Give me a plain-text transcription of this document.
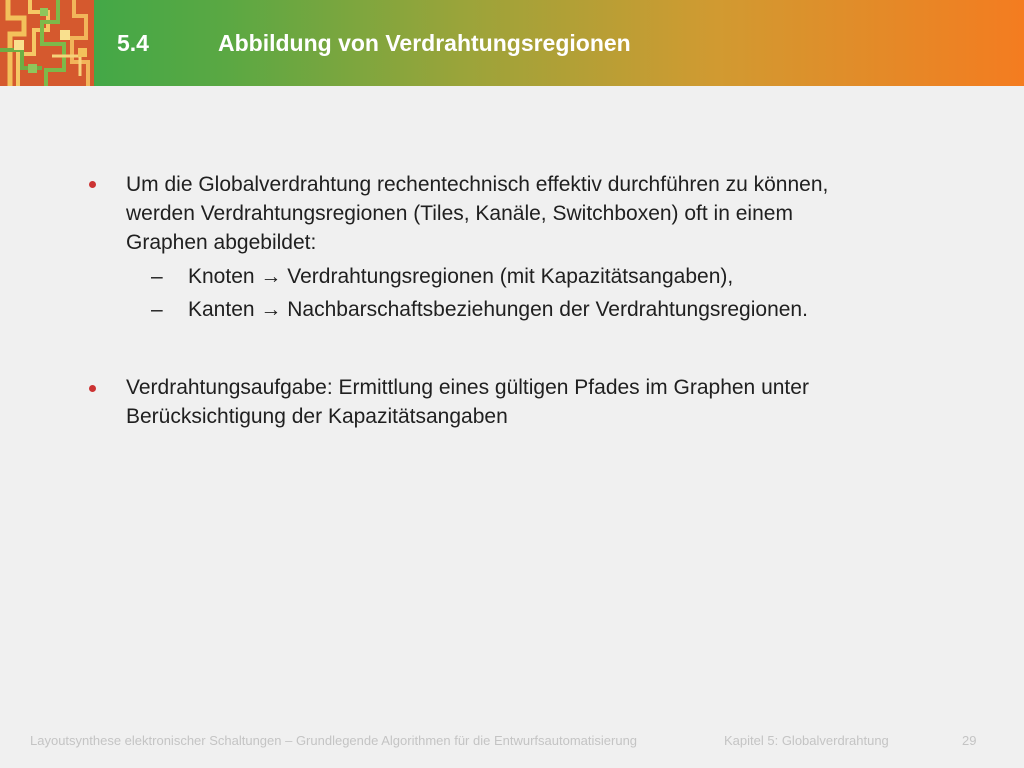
5.4	Abbildung von Verdrahtungsregionen
Um die Globalverdrahtung rechentechnisch effektiv durchführen zu können,
werden Verdrahtungsregionen (Tiles, Kanäle, Switchboxen) oft in einem
Graphen abgebildet:
– Knoten → Verdrahtungsregionen (mit Kapazitätsangaben),
– Kanten → Nachbarschaftsbeziehungen der Verdrahtungsregionen.
Verdrahtungsaufgabe: Ermittlung eines gültigen Pfades im Graphen unter
Berücksichtigung der Kapazitätsangaben
Layoutsynthese elektronischer Schaltungen – Grundlegende Algorithmen für die Entwurfsautomatisierung	Kapitel 5: Globalverdrahtung	29
